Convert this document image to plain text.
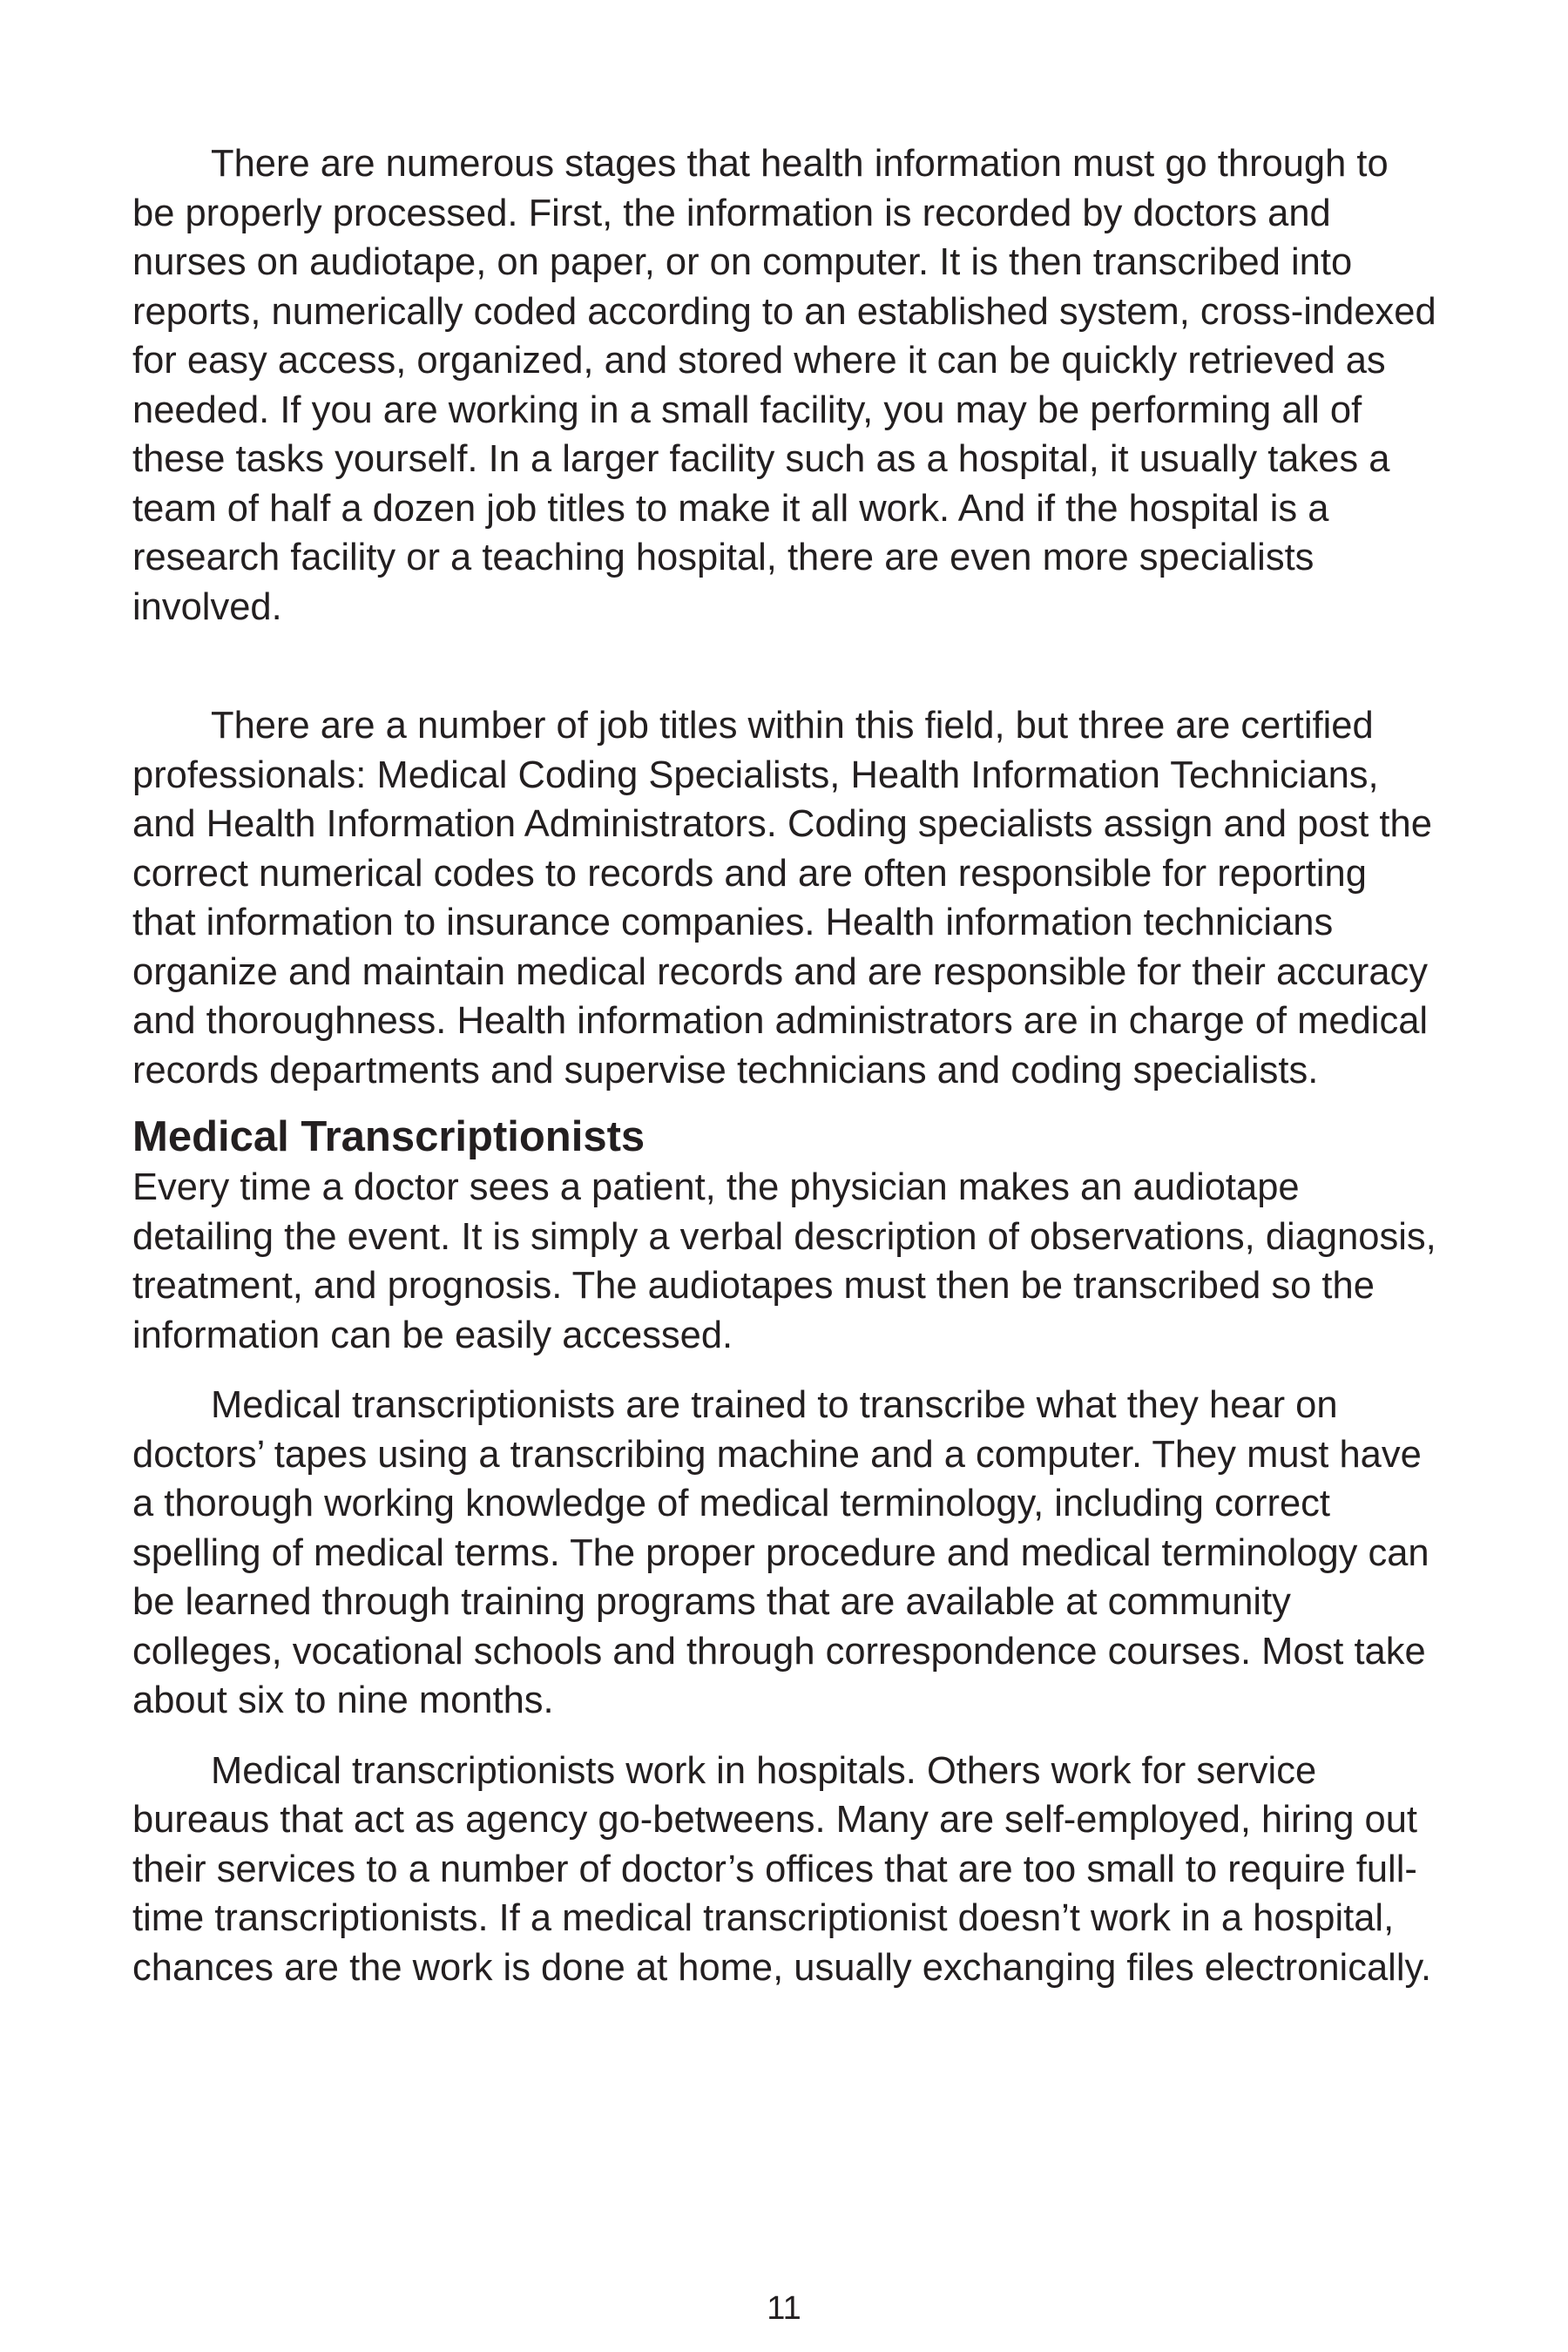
There are numerous stages that health information must go through to be properly processed. First, the information is recorded by doctors and nurses on audiotape, on paper, or on computer. It is then transcribed into reports, numerically coded according to an established system, cross-indexed for easy access, organized, and stored where it can be quickly retrieved as needed. If you are working in a small facility, you may be performing all of these tasks yourself. In a larger facility such as a hospital, it usually takes a team of half a dozen job titles to make it all work. And if the hospital is a research facility or a teaching hospital, there are even more specialists involved.

There are a number of job titles within this field, but three are certified professionals: Medical Coding Specialists, Health Information Technicians, and Health Information Administrators. Coding specialists assign and post the correct numerical codes to records and are often responsible for reporting that information to insurance companies. Health information technicians organize and maintain medical records and are responsible for their accuracy and thoroughness. Health information administrators are in charge of medical records departments and supervise technicians and coding specialists.

Medical Transcriptionists

Every time a doctor sees a patient, the physician makes an audiotape detailing the event. It is simply a verbal description of observations, diagnosis, treatment, and prognosis. The audiotapes must then be transcribed so the information can be easily accessed.

Medical transcriptionists are trained to transcribe what they hear on doctors’ tapes using a transcribing machine and a computer. They must have a thorough working knowledge of medical terminology, including correct spelling of medical terms. The proper procedure and medical terminology can be learned through training programs that are available at community colleges, vocational schools and through correspondence courses. Most take about six to nine months.

Medical transcriptionists work in hospitals. Others work for service bureaus that act as agency go-betweens. Many are self-employed, hiring out their services to a number of doctor’s offices that are too small to require full-time transcriptionists. If a medical transcriptionist doesn’t work in a hospital, chances are the work is done at home, usually exchanging files electronically.

11
